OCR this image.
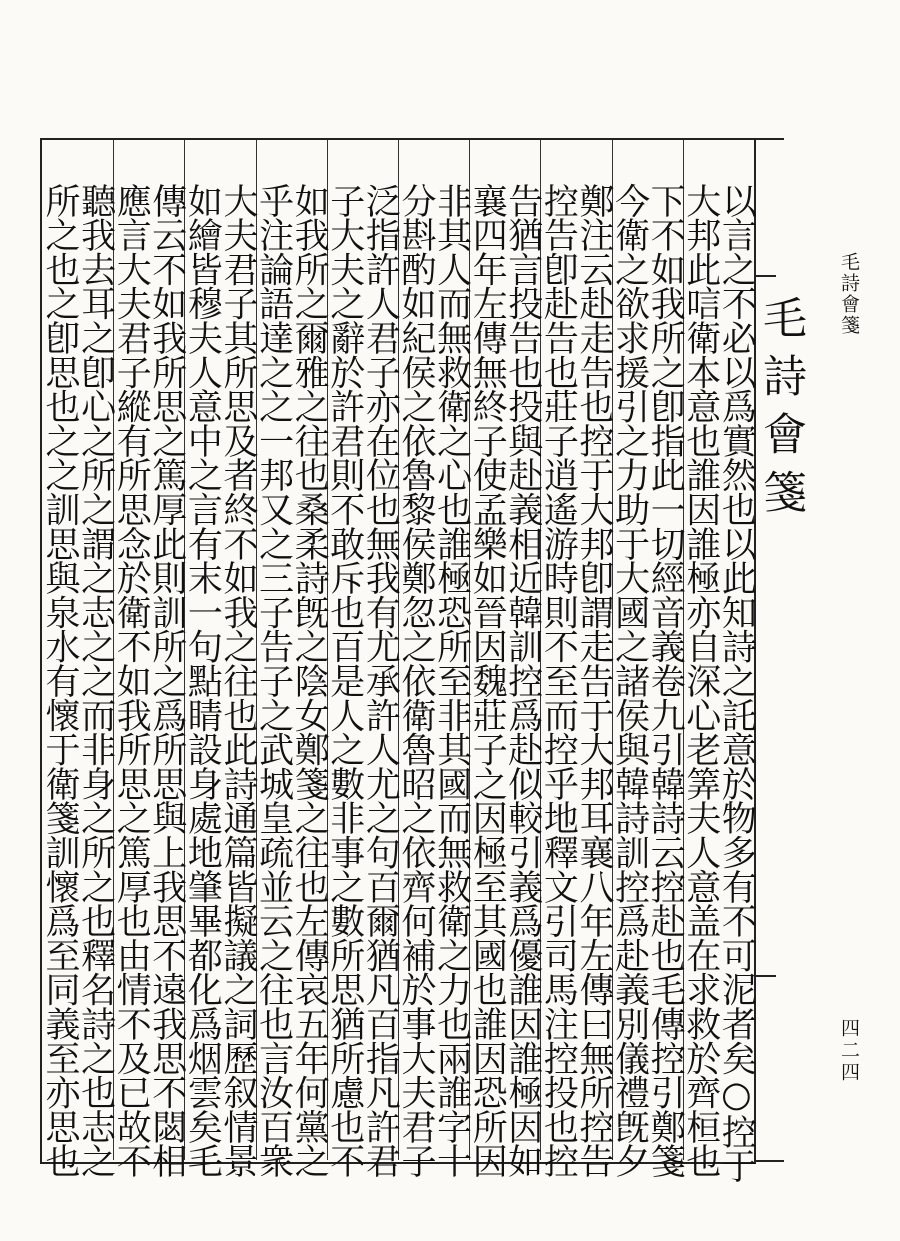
毛詩會箋
毛詩會箋
四二四
以言之不必以爲實然也以此知詩之託意於物多有不可泥者矣○控于
大邦此唁衛本意也誰因誰極亦自深心老筭夫人意盖在求救於齊桓也
下不如我所之卽指此一切經音義卷九引韓詩云控赴也毛傳控引鄭箋
今衛之欲求援引之力助于大國之諸侯與韓詩訓控爲赴義別儀禮旣夕
鄭注云赴走告也控于大邦卽謂走告于大邦耳襄八年左傳曰無所控告
控告卽赴告也莊子逍遙游時則不至而控乎地釋文引司馬注控投也控
告猶言投告也投與赴義相近韓訓控爲赴似較引義爲優誰因誰極因如
襄四年左傳無終子使孟樂如晉因魏莊子之因極至其國也誰因恐所因
非其人而無救衛之心也誰極恐所至非其國而無救衛之力也兩誰字十
分斟酌如紀侯之依魯黎侯鄭忽之依衛魯昭之依齊何補於事大夫君子
泛指許人君子亦在位也無我有尤承許人尤之句百爾猶凡百指凡許君
子大夫之辭於許君則不敢斥也百是人之數非事之數所思猶所慮也不
如我所之爾雅之往也桑柔詩旣之陰女鄭箋之往也左傳哀五年何黨之
乎注論語達之之一邦又之三子告子之武城皇疏並云之往也言汝百衆
大夫君子其所思及者終不如我之往也此詩通篇皆擬議之詞歷叙情景
如繪皆穆夫人意中之言有末一句點睛設身處地肇畢都化爲烟雲矣毛
傳云不如我所思之篤厚此則訓所之爲所思與上我思不遠我思不閟相
應言大夫君子縱有所思念於衛不如我所思之篤厚也由情不及已故不
聽我去耳之卽心之所之謂之志之之而非身之所之也釋名詩之也志之
所之也之卽思也之之訓思與泉水有懷于衛箋訓懷爲至同義至亦思也
